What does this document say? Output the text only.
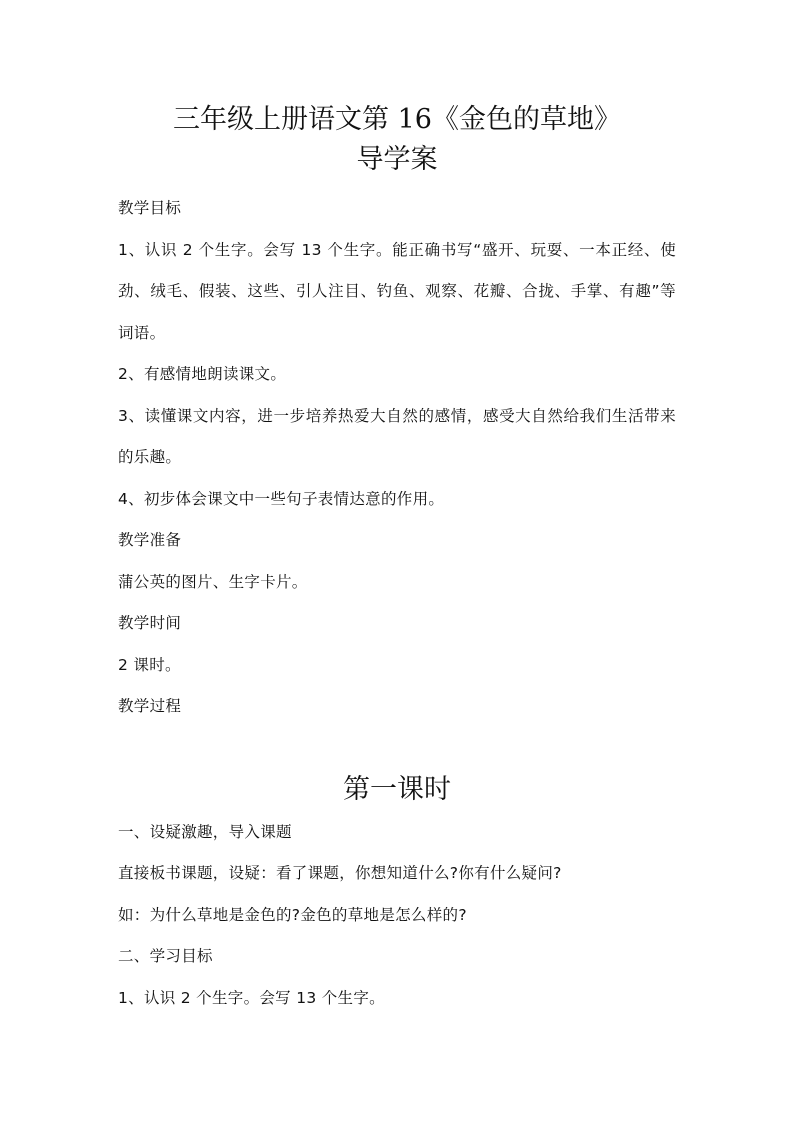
三年级上册语文第 16《金色的草地》
导学案

教学目标

1、认识 2 个生字。会写 13 个生字。能正确书写“盛开、玩耍、一本正经、使劲、绒毛、假装、这些、引人注目、钓鱼、观察、花瓣、合拢、手掌、有趣”等词语。

2、有感情地朗读课文。

3、读懂课文内容，进一步培养热爱大自然的感情，感受大自然给我们生活带来的乐趣。

4、初步体会课文中一些句子表情达意的作用。

教学准备

蒲公英的图片、生字卡片。

教学时间

2 课时。

教学过程

第一课时

一、设疑激趣，导入课题

直接板书课题，设疑：看了课题，你想知道什么?你有什么疑问?

如：为什么草地是金色的?金色的草地是怎么样的?

二、学习目标

1、认识 2 个生字。会写 13 个生字。
